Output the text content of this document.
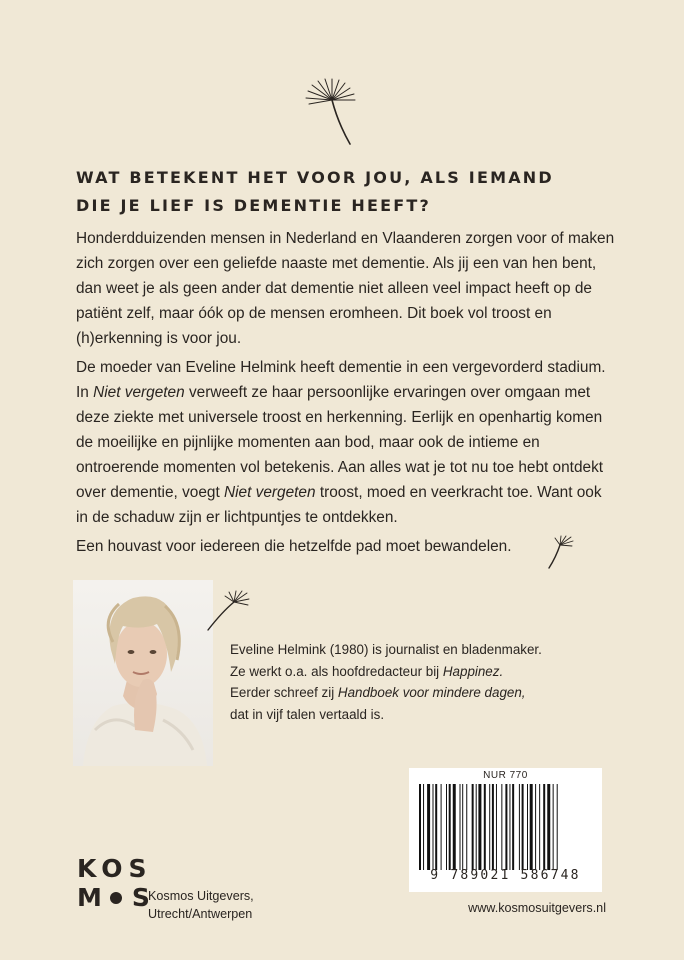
WAT BETEKENT HET VOOR JOU, ALS IEMAND
DIE JE LIEF IS DEMENTIE HEEFT?

Honderdduizenden mensen in Nederland en Vlaanderen zorgen voor of maken zich zorgen over een geliefde naaste met dementie. Als jij een van hen bent, dan weet je als geen ander dat dementie niet alleen veel impact heeft op de patiënt zelf, maar óók op de mensen eromheen. Dit boek vol troost en (h)erkenning is voor jou.

De moeder van Eveline Helmink heeft dementie in een vergevorderd stadium. In Niet vergeten verweeft ze haar persoonlijke ervaringen over omgaan met deze ziekte met universele troost en herkenning. Eerlijk en openhartig komen de moeilijke en pijnlijke momenten aan bod, maar ook de intieme en ontroerende momenten vol betekenis. Aan alles wat je tot nu toe hebt ontdekt over dementie, voegt Niet vergeten troost, moed en veerkracht toe. Want ook in de schaduw zijn er lichtpuntjes te ontdekken.

Een houvast voor iedereen die hetzelfde pad moet bewandelen.

Eveline Helmink (1980) is journalist en bladenmaker.
Ze werkt o.a. als hoofdredacteur bij Happinez.
Eerder schreef zij Handboek voor mindere dagen,
dat in vijf talen vertaald is.

NUR 770
9 789021 586748
KOS
M S

Kosmos Uitgevers,
Utrecht/Antwerpen	www.kosmosuitgevers.nl
